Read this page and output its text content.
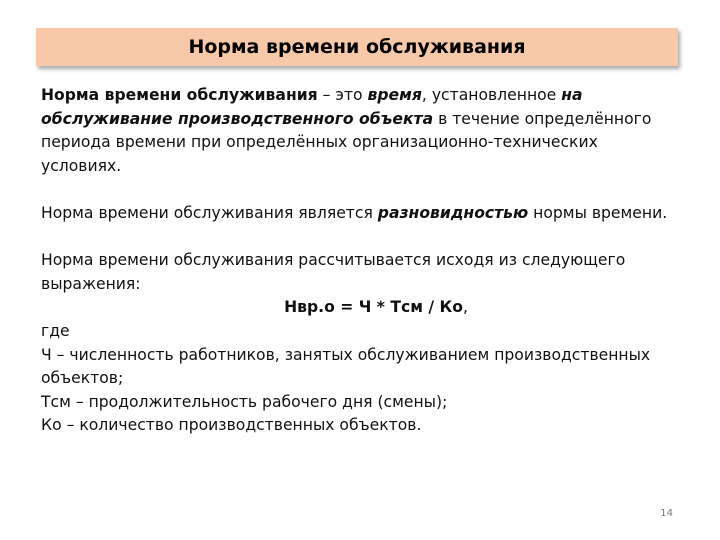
Норма времени обслуживания

Норма времени обслуживания – это время, установленное на обслуживание производственного объекта в течение определённого периода времени при определённых организационно-технических условиях.

Норма времени обслуживания является разновидностью нормы времени.

Норма времени обслуживания рассчитывается исходя из следующего выражения:

Нвр.о = Ч * Тсм / Ко,

где

Ч – численность работников, занятых обслуживанием производственных объектов;

Тсм – продолжительность рабочего дня (смены);

Ко – количество производственных объектов.

14
